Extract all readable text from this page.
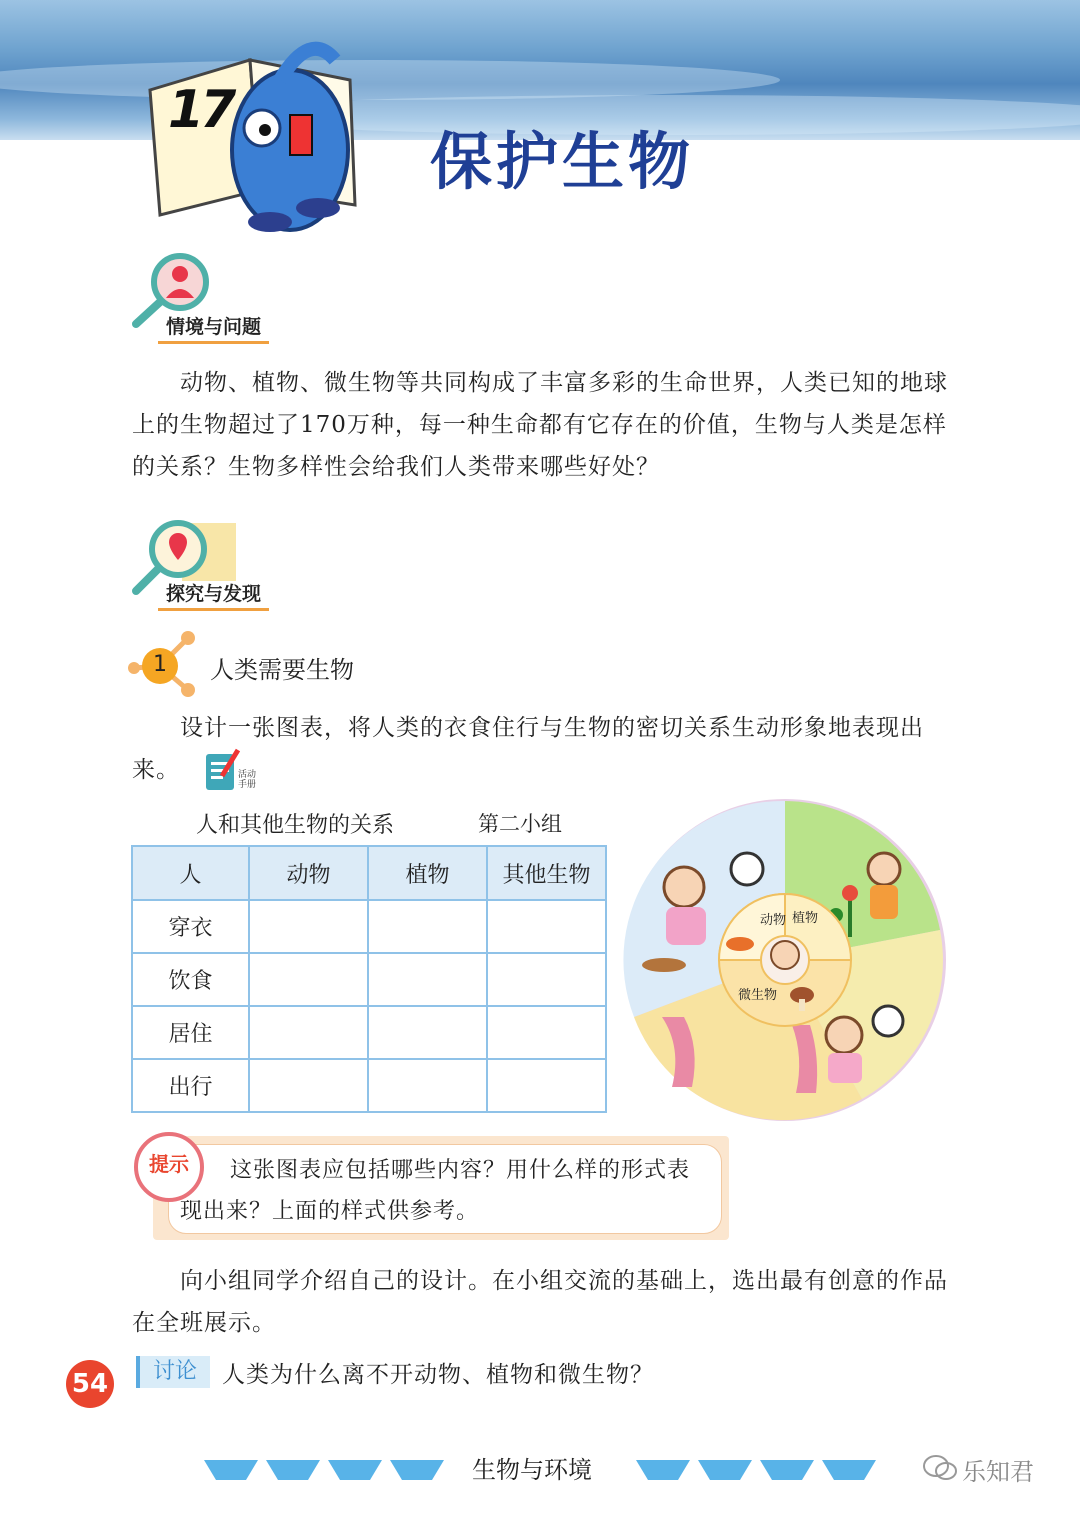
17
保护生物
情境与问题

动物、植物、微生物等共同构成了丰富多彩的生命世界，人类已知的地球上的生物超过了170万种，每一种生命都有它存在的价值，生物与人类是怎样的关系？生物多样性会给我们人类带来哪些好处？

探究与发现
1 人类需要生物

设计一张图表，将人类的衣食住行与生物的密切关系生动形象地表现出来。	活动手册
人和其他生物的关系	第二小组
人	动物	植物	其他生物
穿衣			
饮食			
居住			
出行			
动物 植物
微生物
提示	这张图表应包括哪些内容？用什么样的形式表现出来？上面的样式供参考。

向小组同学介绍自己的设计。在小组交流的基础上，选出最有创意的作品在全班展示。

54	讨论	人类为什么离不开动物、植物和微生物？
生物与环境	乐知君
